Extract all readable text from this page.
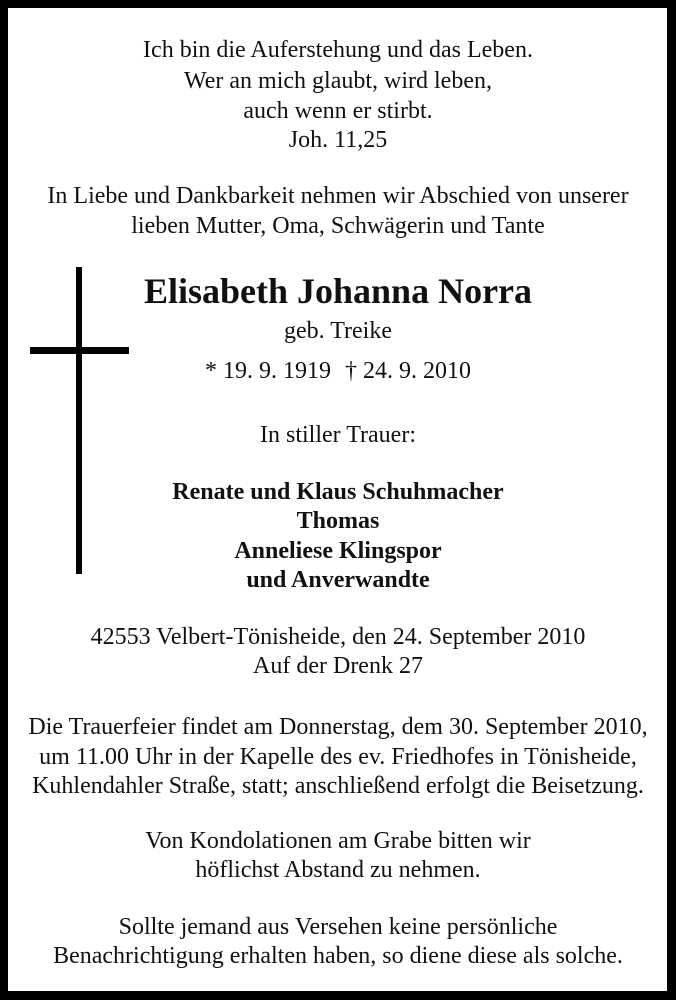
Ich bin die Auferstehung und das Leben.
Wer an mich glaubt, wird leben,
auch wenn er stirbt.
Joh. 11,25
In Liebe und Dankbarkeit nehmen wir Abschied von unserer
lieben Mutter, Oma, Schwägerin und Tante
Elisabeth Johanna Norra
geb. Treike
* 19. 9. 1919 † 24. 9. 2010
In stiller Trauer:
Renate und Klaus Schuhmacher
Thomas
Anneliese Klingspor
und Anverwandte
42553 Velbert-Tönisheide, den 24. September 2010
Auf der Drenk 27
Die Trauerfeier findet am Donnerstag, dem 30. September 2010,
um 11.00 Uhr in der Kapelle des ev. Friedhofes in Tönisheide,
Kuhlendahler Straße, statt; anschließend erfolgt die Beisetzung.
Von Kondolationen am Grabe bitten wir
höflichst Abstand zu nehmen.
Sollte jemand aus Versehen keine persönliche
Benachrichtigung erhalten haben, so diene diese als solche.
